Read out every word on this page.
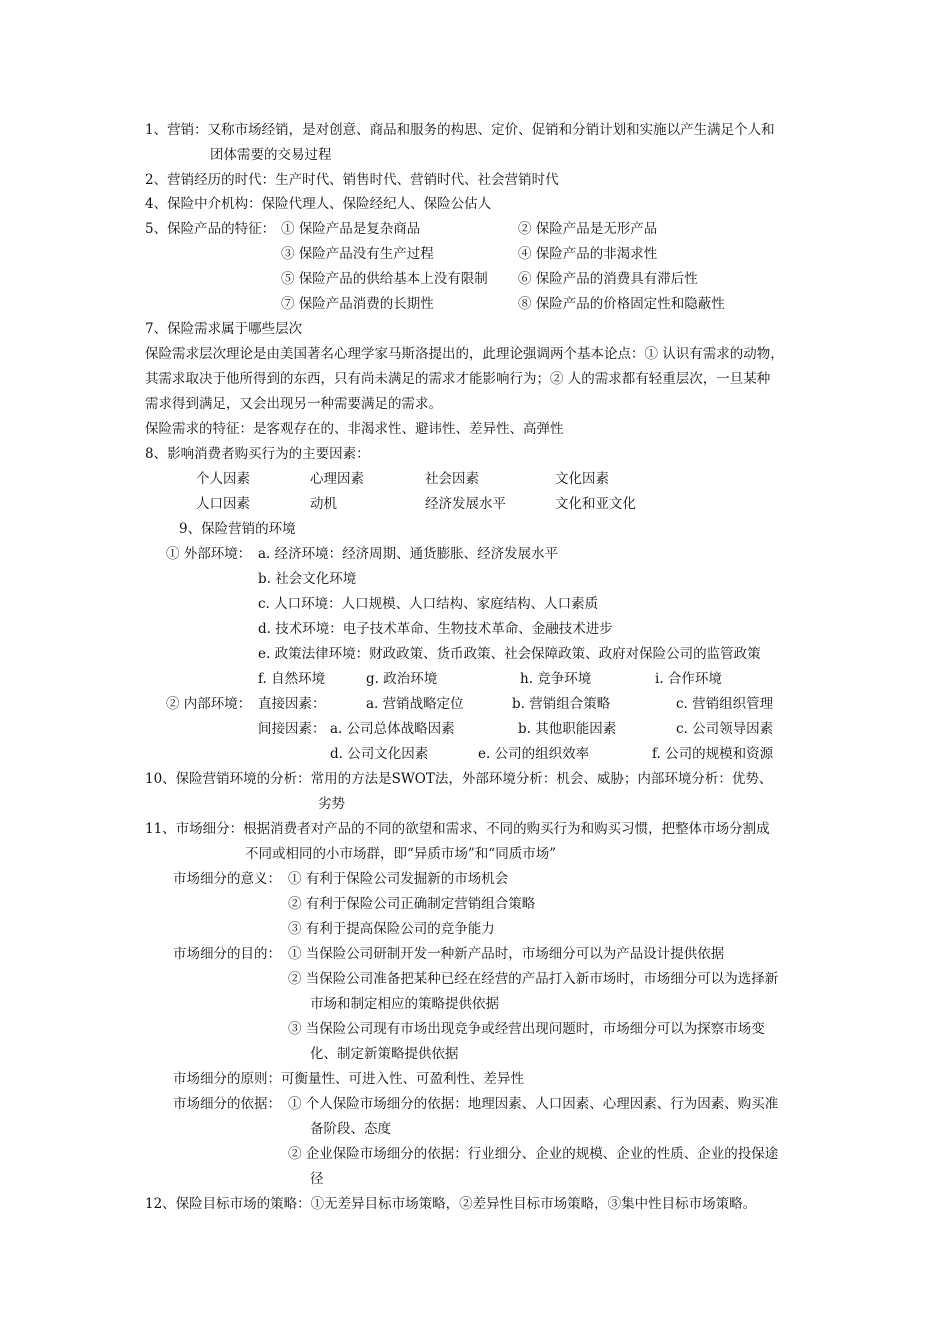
1、营销：又称市场经销，是对创意、商品和服务的构思、定价、促销和分销计划和实施以产生满足个人和
团体需要的交易过程
2、营销经历的时代：生产时代、销售时代、营销时代、社会营销时代
4、保险中介机构：保险代理人、保险经纪人、保险公估人
5、保险产品的特征： ① 保险产品是复杂商品	② 保险产品是无形产品
③ 保险产品没有生产过程	④ 保险产品的非渴求性
⑤ 保险产品的供给基本上没有限制 ⑥ 保险产品的消费具有滞后性
⑦ 保险产品消费的长期性	⑧ 保险产品的价格固定性和隐蔽性
7、保险需求属于哪些层次
保险需求层次理论是由美国著名心理学家马斯洛提出的，此理论强调两个基本论点：① 认识有需求的动物，
其需求取决于他所得到的东西，只有尚未满足的需求才能影响行为；② 人的需求都有轻重层次，一旦某种
需求得到满足，又会出现另一种需要满足的需求。
保险需求的特征：是客观存在的、非渴求性、避讳性、差异性、高弹性
8、影响消费者购买行为的主要因素：
个人因素	心理因素	社会因素	文化因素
人口因素	动机	经济发展水平	文化和亚文化
9、保险营销的环境
① 外部环境： a. 经济环境：经济周期、通货膨胀、经济发展水平
b. 社会文化环境
c. 人口环境：人口规模、人口结构、家庭结构、人口素质
d. 技术环境：电子技术革命、生物技术革命、金融技术进步
e. 政策法律环境：财政政策、货币政策、社会保障政策、政府对保险公司的监管政策
f. 自然环境	g. 政治环境	h. 竞争环境	i. 合作环境
② 内部环境： 直接因素：	a. 营销战略定位	b. 营销组合策略	c. 营销组织管理
间接因素： a. 公司总体战略因素	b. 其他职能因素	c. 公司领导因素
d. 公司文化因素	e. 公司的组织效率	f. 公司的规模和资源
10、保险营销环境的分析：常用的方法是SWOT法，外部环境分析：机会、威胁；内部环境分析：优势、
劣势
11、市场细分：根据消费者对产品的不同的欲望和需求、不同的购买行为和购买习惯，把整体市场分割成
不同或相同的小市场群，即“异质市场”和“同质市场”
市场细分的意义： ① 有利于保险公司发掘新的市场机会
② 有利于保险公司正确制定营销组合策略
③ 有利于提高保险公司的竞争能力
市场细分的目的： ① 当保险公司研制开发一种新产品时，市场细分可以为产品设计提供依据
② 当保险公司准备把某种已经在经营的产品打入新市场时，市场细分可以为选择新
市场和制定相应的策略提供依据
③ 当保险公司现有市场出现竞争或经营出现问题时，市场细分可以为探察市场变
化、制定新策略提供依据
市场细分的原则：可衡量性、可进入性、可盈利性、差异性
市场细分的依据： ① 个人保险市场细分的依据：地理因素、人口因素、心理因素、行为因素、购买准
备阶段、态度
② 企业保险市场细分的依据：行业细分、企业的规模、企业的性质、企业的投保途
径
12、保险目标市场的策略：①无差异目标市场策略，②差异性目标市场策略，③集中性目标市场策略。
